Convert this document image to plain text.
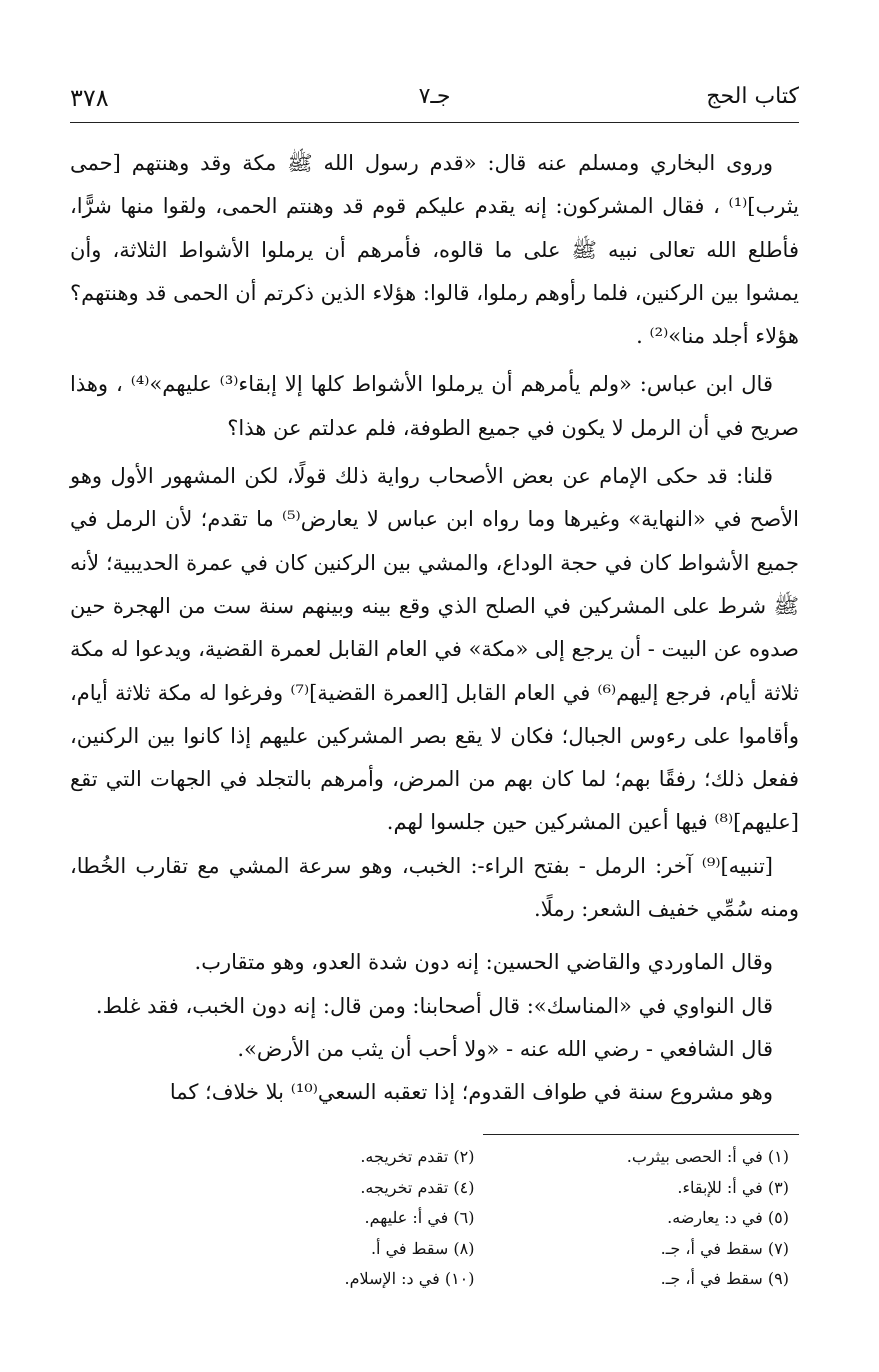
كتاب الحج
جـ٧
٣٧٨

وروى البخاري ومسلم عنه قال: «قدم رسول الله ﷺ مكة وقد وهنتهم [حمى يثرب]⁽¹⁾ ، فقال المشركون: إنه يقدم عليكم قوم قد وهنتم الحمى، ولقوا منها شرًّا، فأطلع الله تعالى نبيه ﷺ على ما قالوه، فأمرهم أن يرملوا الأشواط الثلاثة، وأن يمشوا بين الركنين، فلما رأوهم رملوا، قالوا: هؤلاء الذين ذكرتم أن الحمى قد وهنتهم؟ هؤلاء أجلد منا»⁽²⁾ .

قال ابن عباس: «ولم يأمرهم أن يرملوا الأشواط كلها إلا إبقاء⁽³⁾ عليهم»⁽⁴⁾ ، وهذا صريح في أن الرمل لا يكون في جميع الطوفة، فلم عدلتم عن هذا؟

قلنا: قد حكى الإمام عن بعض الأصحاب رواية ذلك قولًا، لكن المشهور الأول وهو الأصح في «النهاية» وغيرها وما رواه ابن عباس لا يعارض⁽⁵⁾ ما تقدم؛ لأن الرمل في جميع الأشواط كان في حجة الوداع، والمشي بين الركنين كان في عمرة الحديبية؛ لأنه ﷺ شرط على المشركين في الصلح الذي وقع بينه وبينهم سنة ست من الهجرة حين صدوه عن البيت - أن يرجع إلى «مكة» في العام القابل لعمرة القضية، ويدعوا له مكة ثلاثة أيام، فرجع إليهم⁽⁶⁾ في العام القابل [العمرة القضية]⁽⁷⁾ وفرغوا له مكة ثلاثة أيام، وأقاموا على رءوس الجبال؛ فكان لا يقع بصر المشركين عليهم إذا كانوا بين الركنين، ففعل ذلك؛ رفقًا بهم؛ لما كان بهم من المرض، وأمرهم بالتجلد في الجهات التي تقع [عليهم]⁽⁸⁾ فيها أعين المشركين حين جلسوا لهم.

[تنبيه]⁽⁹⁾ آخر: الرمل - بفتح الراء-: الخبب، وهو سرعة المشي مع تقارب الخُطا، ومنه سُمِّي خفيف الشعر: رملًا.

وقال الماوردي والقاضي الحسين: إنه دون شدة العدو، وهو متقارب.

قال النواوي في «المناسك»: قال أصحابنا: ومن قال: إنه دون الخبب، فقد غلط.

قال الشافعي - رضي الله عنه - «ولا أحب أن يثب من الأرض».

وهو مشروع سنة في طواف القدوم؛ إذا تعقبه السعي⁽¹⁰⁾ بلا خلاف؛ كما

(١) في أ: الحصى بيثرب.
(٢) تقدم تخريجه.
(٣) في أ: للإبقاء.
(٤) تقدم تخريجه.
(٥) في د: يعارضه.
(٦) في أ: عليهم.
(٧) سقط في أ، جـ.
(٨) سقط في أ.
(٩) سقط في أ، جـ.
(١٠) في د: الإسلام.
